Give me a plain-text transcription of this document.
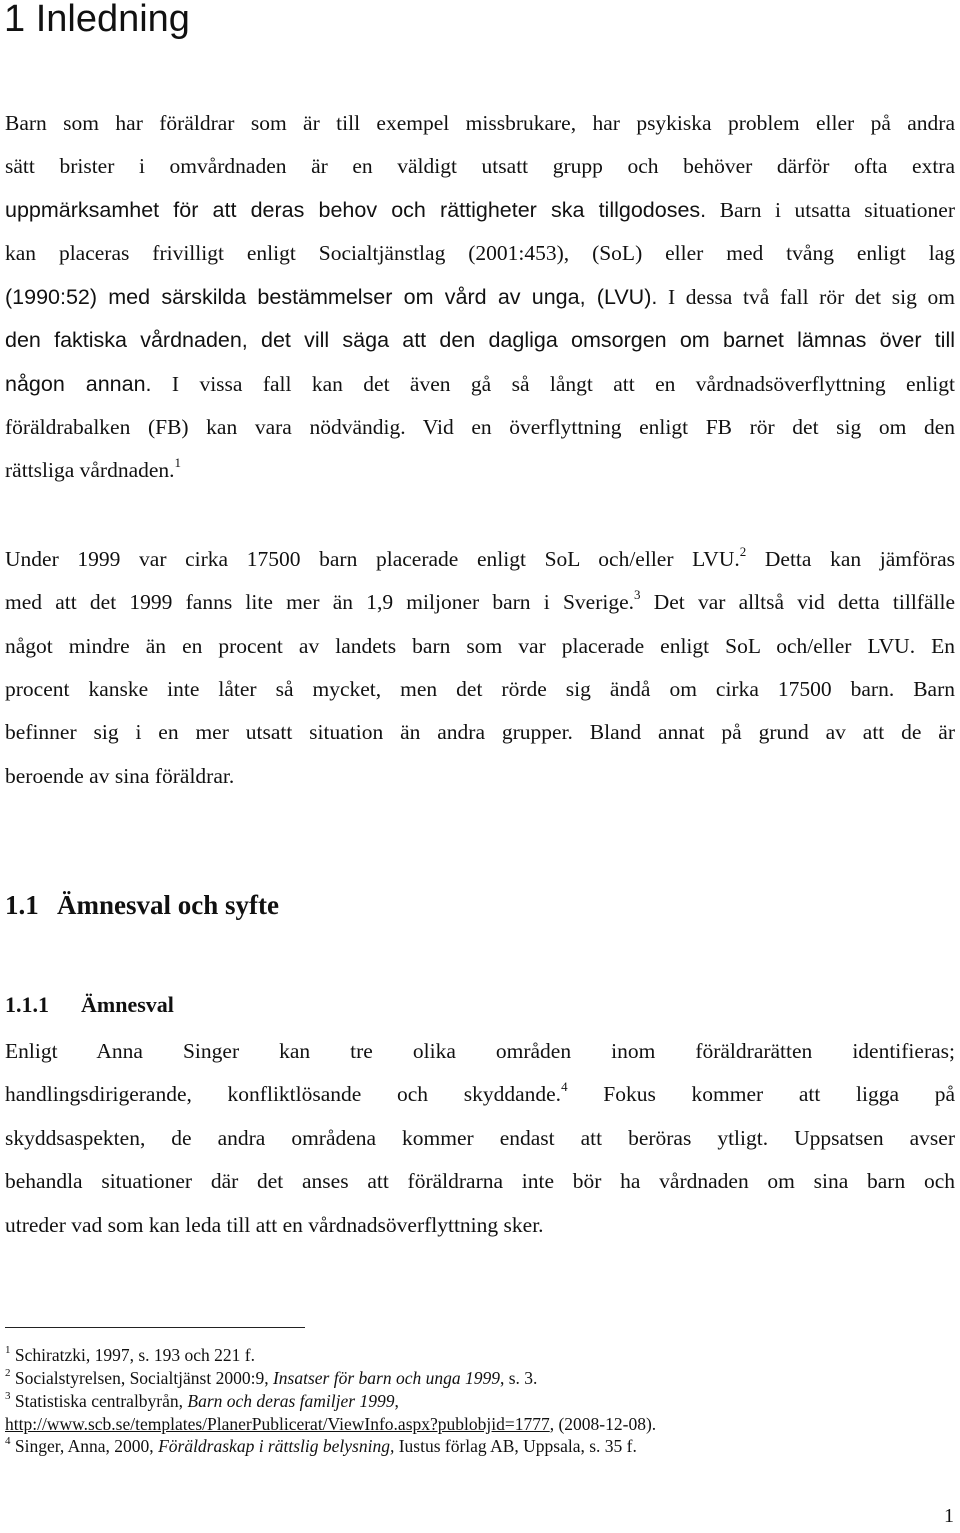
1 Inledning
Barn som har föräldrar som är till exempel missbrukare, har psykiska problem eller på andra
sätt brister i omvårdnaden är en väldigt utsatt grupp och behöver därför ofta extra
uppmärksamhet för att deras behov och rättigheter ska tillgodoses. Barn i utsatta situationer
kan placeras frivilligt enligt Socialtjänstlag (2001:453), (SoL) eller med tvång enligt lag
(1990:52) med särskilda bestämmelser om vård av unga, (LVU). I dessa två fall rör det sig om
den faktiska vårdnaden, det vill säga att den dagliga omsorgen om barnet lämnas över till
någon annan. I vissa fall kan det även gå så långt att en vårdnadsöverflyttning enligt
föräldrabalken (FB) kan vara nödvändig. Vid en överflyttning enligt FB rör det sig om den
rättsliga vårdnaden.$^1$
Under 1999 var cirka 17500 barn placerade enligt SoL och/eller LVU.$^2$ Detta kan jämföras
med att det 1999 fanns lite mer än 1,9 miljoner barn i Sverige.$^3$ Det var alltså vid detta tillfälle
något mindre än en procent av landets barn som var placerade enligt SoL och/eller LVU. En
procent kanske inte låter så mycket, men det rörde sig ändå om cirka 17500 barn. Barn
befinner sig i en mer utsatt situation än andra grupper. Bland annat på grund av att de är
beroende av sina föräldrar.
1.1 Ämnesval och syfte
1.1.1 Ämnesval
Enligt Anna Singer kan tre olika områden inom föräldrarätten identifieras;
handlingsdirigerande, konfliktlösande och skyddande.$^4$ Fokus kommer att ligga på
skyddsaspekten, de andra områdena kommer endast att beröras ytligt. Uppsatsen avser
behandla situationer där det anses att föräldrarna inte bör ha vårdnaden om sina barn och
utreder vad som kan leda till att en vårdnadsöverflyttning sker.
$^1$ Schiratzki, 1997, s. 193 och 221 f.
$^2$ Socialstyrelsen, Socialtjänst 2000:9, Insatser för barn och unga 1999, s. 3.
$^3$ Statistiska centralbyrån, Barn och deras familjer 1999,
http://www.scb.se/templates/PlanerPublicerat/ViewInfo.aspx?publobjid=1777, (2008-12-08).
$^4$ Singer, Anna, 2000, Föräldraskap i rättslig belysning, Iustus förlag AB, Uppsala, s. 35 f.
1
